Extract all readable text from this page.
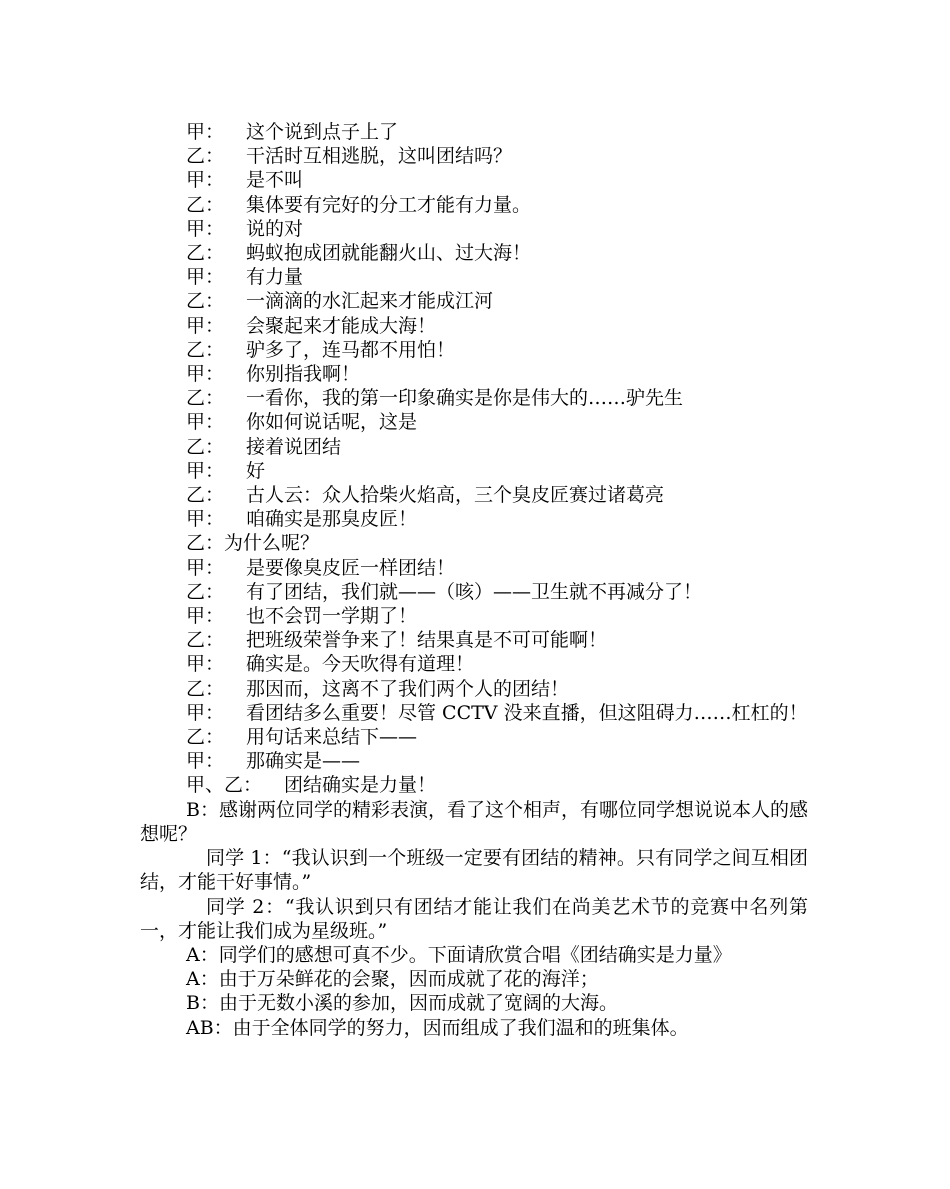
甲： 这个说到点子上了
乙： 干活时互相逃脱，这叫团结吗？
甲： 是不叫
乙： 集体要有完好的分工才能有力量。
甲： 说的对
乙： 蚂蚁抱成团就能翻火山、过大海！
甲： 有力量
乙： 一滴滴的水汇起来才能成江河
甲： 会聚起来才能成大海！
乙： 驴多了，连马都不用怕！
甲： 你别指我啊！
乙： 一看你，我的第一印象确实是你是伟大的……驴先生
甲： 你如何说话呢，这是
乙： 接着说团结
甲： 好
乙： 古人云：众人拾柴火焰高，三个臭皮匠赛过诸葛亮
甲： 咱确实是那臭皮匠！
乙：为什么呢？
甲： 是要像臭皮匠一样团结！
乙： 有了团结，我们就——（咳）——卫生就不再减分了！
甲： 也不会罚一学期了！
乙： 把班级荣誉争来了！结果真是不可可能啊！
甲： 确实是。今天吹得有道理！
乙： 那因而，这离不了我们两个人的团结！
甲： 看团结多么重要！尽管 CCTV 没来直播，但这阻碍力……杠杠的！
乙： 用句话来总结下——
甲： 那确实是——
甲、乙： 团结确实是力量！
B：感谢两位同学的精彩表演，看了这个相声，有哪位同学想说说本人的感想呢？
同学 1：“我认识到一个班级一定要有团结的精神。只有同学之间互相团结，才能干好事情。”
同学 2：“我认识到只有团结才能让我们在尚美艺术节的竞赛中名列第一，才能让我们成为星级班。”
A：同学们的感想可真不少。下面请欣赏合唱《团结确实是力量》
A：由于万朵鲜花的会聚，因而成就了花的海洋；
B：由于无数小溪的参加，因而成就了宽阔的大海。
AB：由于全体同学的努力，因而组成了我们温和的班集体。
